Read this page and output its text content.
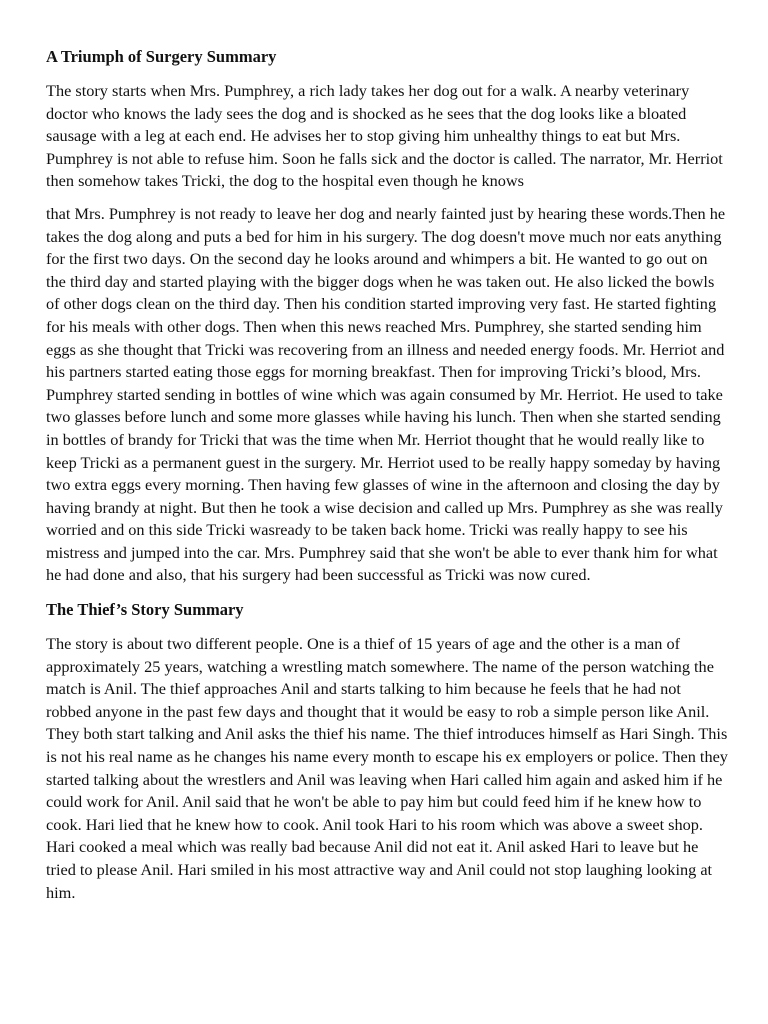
A Triumph of Surgery Summary

The story starts when Mrs. Pumphrey, a rich lady takes her dog out for a walk. A nearby veterinary doctor who knows the lady sees the dog and is shocked as he sees that the dog looks like a bloated sausage with a leg at each end. He advises her to stop giving him unhealthy things to eat but Mrs. Pumphrey is not able to refuse him. Soon he falls sick and the doctor is called. The narrator, Mr. Herriot then somehow takes Tricki, the dog to the hospital even though he knows

that Mrs. Pumphrey is not ready to leave her dog and nearly fainted just by hearing these words.Then he takes the dog along and puts a bed for him in his surgery. The dog doesn't move much nor eats anything for the first two days. On the second day he looks around and whimpers a bit. He wanted to go out on the third day and started playing with the bigger dogs when he was taken out. He also licked the bowls of other dogs clean on the third day. Then his condition started improving very fast. He started fighting for his meals with other dogs. Then when this news reached Mrs. Pumphrey, she started sending him eggs as she thought that Tricki was recovering from an illness and needed energy foods. Mr. Herriot and his partners started eating those eggs for morning breakfast. Then for improving Tricki’s blood, Mrs. Pumphrey started sending in bottles of wine which was again consumed by Mr. Herriot. He used to take two glasses before lunch and some more glasses while having his lunch. Then when she started sending in bottles of brandy for Tricki that was the time when Mr. Herriot thought that he would really like to keep Tricki as a permanent guest in the surgery. Mr. Herriot used to be really happy someday by having two extra eggs every morning. Then having few glasses of wine in the afternoon and closing the day by having brandy at night. But then he took a wise decision and called up Mrs. Pumphrey as she was really worried and on this side Tricki wasready to be taken back home. Tricki was really happy to see his mistress and jumped into the car. Mrs. Pumphrey said that she won't be able to ever thank him for what he had done and also, that his surgery had been successful as Tricki was now cured.

The Thief’s Story Summary

The story is about two different people. One is a thief of 15 years of age and the other is a man of approximately 25 years, watching a wrestling match somewhere. The name of the person watching the match is Anil. The thief approaches Anil and starts talking to him because he feels that he had not robbed anyone in the past few days and thought that it would be easy to rob a simple person like Anil. They both start talking and Anil asks the thief his name. The thief introduces himself as Hari Singh. This is not his real name as he changes his name every month to escape his ex employers or police. Then they started talking about the wrestlers and Anil was leaving when Hari called him again and asked him if he could work for Anil. Anil said that he won't be able to pay him but could feed him if he knew how to cook. Hari lied that he knew how to cook. Anil took Hari to his room which was above a sweet shop. Hari cooked a meal which was really bad because Anil did not eat it. Anil asked Hari to leave but he tried to please Anil. Hari smiled in his most attractive way and Anil could not stop laughing looking at him.
